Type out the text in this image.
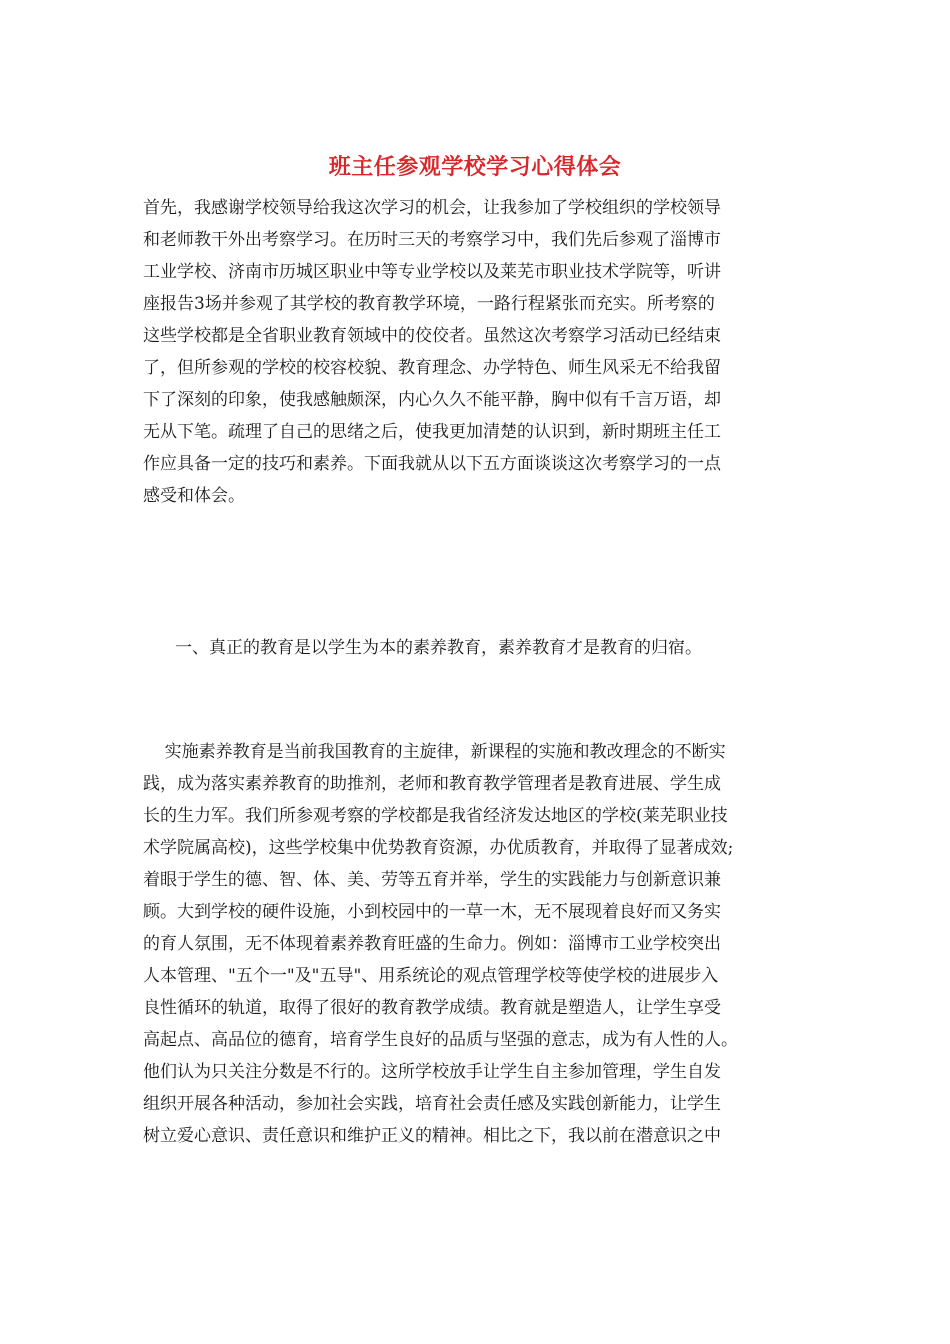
班主任参观学校学习心得体会
首先，我感谢学校领导给我这次学习的机会，让我参加了学校组织的学校领导
和老师教干外出考察学习。在历时三天的考察学习中，我们先后参观了淄博市
工业学校、济南市历城区职业中等专业学校以及莱芜市职业技术学院等，听讲
座报告3场并参观了其学校的教育教学环境，一路行程紧张而充实。所考察的
这些学校都是全省职业教育领域中的佼佼者。虽然这次考察学习活动已经结束
了，但所参观的学校的校容校貌、教育理念、办学特色、师生风采无不给我留
下了深刻的印象，使我感触颇深，内心久久不能平静，胸中似有千言万语，却
无从下笔。疏理了自己的思绪之后，使我更加清楚的认识到，新时期班主任工
作应具备一定的技巧和素养。下面我就从以下五方面谈谈这次考察学习的一点
感受和体会。
一、真正的教育是以学生为本的素养教育，素养教育才是教育的归宿。
实施素养教育是当前我国教育的主旋律，新课程的实施和教改理念的不断实
践，成为落实素养教育的助推剂，老师和教育教学管理者是教育进展、学生成
长的生力军。我们所参观考察的学校都是我省经济发达地区的学校(莱芜职业技
术学院属高校)，这些学校集中优势教育资源，办优质教育，并取得了显著成效;
着眼于学生的德、智、体、美、劳等五育并举，学生的实践能力与创新意识兼
顾。大到学校的硬件设施，小到校园中的一草一木，无不展现着良好而又务实
的育人氛围，无不体现着素养教育旺盛的生命力。例如：淄博市工业学校突出
人本管理、"五个一"及"五导"、用系统论的观点管理学校等使学校的进展步入
良性循环的轨道，取得了很好的教育教学成绩。教育就是塑造人，让学生享受
高起点、高品位的德育，培育学生良好的品质与坚强的意志，成为有人性的人。
他们认为只关注分数是不行的。这所学校放手让学生自主参加管理，学生自发
组织开展各种活动，参加社会实践，培育社会责任感及实践创新能力，让学生
树立爱心意识、责任意识和维护正义的精神。相比之下，我以前在潜意识之中
